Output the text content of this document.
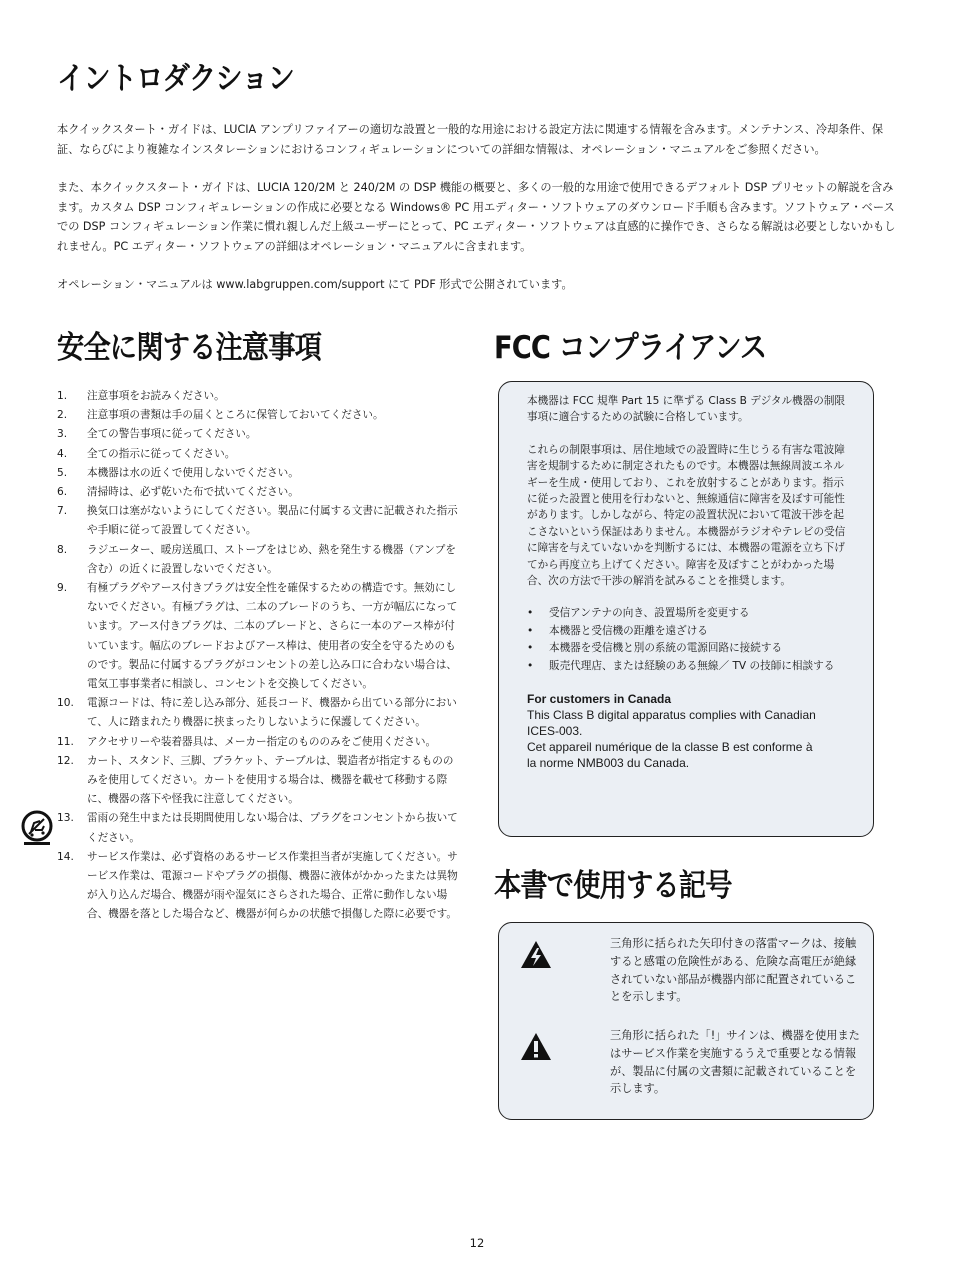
イントロダクション

本クイックスタート・ガイドは、LUCIA アンプリファイアーの適切な設置と一般的な用途における設定方法に関連する情報を含みます。メンテナンス、冷却条件、保証、ならびにより複雑なインスタレーションにおけるコンフィギュレーションについての詳細な情報は、オペレーション・マニュアルをご参照ください。

また、本クイックスタート・ガイドは、LUCIA 120/2M と 240/2M の DSP 機能の概要と、多くの一般的な用途で使用できるデフォルト DSP プリセットの解説を含みます。カスタム DSP コンフィギュレーションの作成に必要となる Windows® PC 用エディター・ソフトウェアのダウンロード手順も含みます。ソフトウェア・ベースでの DSP コンフィギュレーション作業に慣れ親しんだ上級ユーザーにとって、PC エディター・ソフトウェアは直感的に操作でき、さらなる解説は必要としないかもしれません。PC エディター・ソフトウェアの詳細はオペレーション・マニュアルに含まれます。

オペレーション・マニュアルは www.labgruppen.com/support にて PDF 形式で公開されています。

安全に関する注意事項
1. 注意事項をお読みください。
2. 注意事項の書類は手の届くところに保管しておいてください。
3. 全ての警告事項に従ってください。
4. 全ての指示に従ってください。
5. 本機器は水の近くで使用しないでください。
6. 清掃時は、必ず乾いた布で拭いてください。
7. 換気口は塞がないようにしてください。製品に付属する文書に記載された指示や手順に従って設置してください。
8. ラジエーター、暖房送風口、ストーブをはじめ、熱を発生する機器（アンプを含む）の近くに設置しないでください。
9. 有極プラグやアース付きプラグは安全性を確保するための構造です。無効にしないでください。有極プラグは、二本のブレードのうち、一方が幅広になっています。アース付きプラグは、二本のブレードと、さらに一本のアース棒が付いています。幅広のブレードおよびアース棒は、使用者の安全を守るためのものです。製品に付属するプラグがコンセントの差し込み口に合わない場合は、電気工事事業者に相談し、コンセントを交換してください。
10. 電源コードは、特に差し込み部分、延長コード、機器から出ている部分において、人に踏まれたり機器に挟まったりしないように保護してください。
11. アクセサリーや装着器具は、メーカー指定のもののみをご使用ください。
12. カート、スタンド、三脚、ブラケット、テーブルは、製造者が指定するもののみを使用してください。カートを使用する場合は、機器を載せて移動する際に、機器の落下や怪我に注意してください。
13. 雷雨の発生中または長期間使用しない場合は、プラグをコンセントから抜いてください。
14. サービス作業は、必ず資格のあるサービス作業担当者が実施してください。サービス作業は、電源コードやプラグの損傷、機器に液体がかかったまたは異物が入り込んだ場合、機器が雨や湿気にさらされた場合、正常に動作しない場合、機器を落とした場合など、機器が何らかの状態で損傷した際に必要です。
FCC コンプライアンス

本機器は FCC 規準 Part 15 に準ずる Class B デジタル機器の制限事項に適合するための試験に合格しています。

これらの制限事項は、居住地域での設置時に生じうる有害な電波障害を規制するために制定されたものです。本機器は無線周波エネルギーを生成・使用しており、これを放射することがあります。指示に従った設置と使用を行わないと、無線通信に障害を及ぼす可能性があります。しかしながら、特定の設置状況において電波干渉を起こさないという保証はありません。本機器がラジオやテレビの受信に障害を与えていないかを判断するには、本機器の電源を立ち下げてから再度立ち上げてください。障害を及ぼすことがわかった場合、次の方法で干渉の解消を試みることを推奨します。

• 受信アンテナの向き、設置場所を変更する
• 本機器と受信機の距離を遠ざける
• 本機器を受信機と別の系統の電源回路に接続する
• 販売代理店、または経験のある無線／ TV の技師に相談する
For customers in Canada
This Class B digital apparatus complies with Canadian
ICES-003.
Cet appareil numérique de la classe B est conforme à
la norme NMB003 du Canada.
本書で使用する記号
三角形に括られた矢印付きの落雷マークは、接触すると感電の危険性がある、危険な高電圧が絶縁されていない部品が機器内部に配置されていることを示します。
三角形に括られた「!」サインは、機器を使用またはサービス作業を実施するうえで重要となる情報が、製品に付属の文書類に記載されていることを示します。
12
